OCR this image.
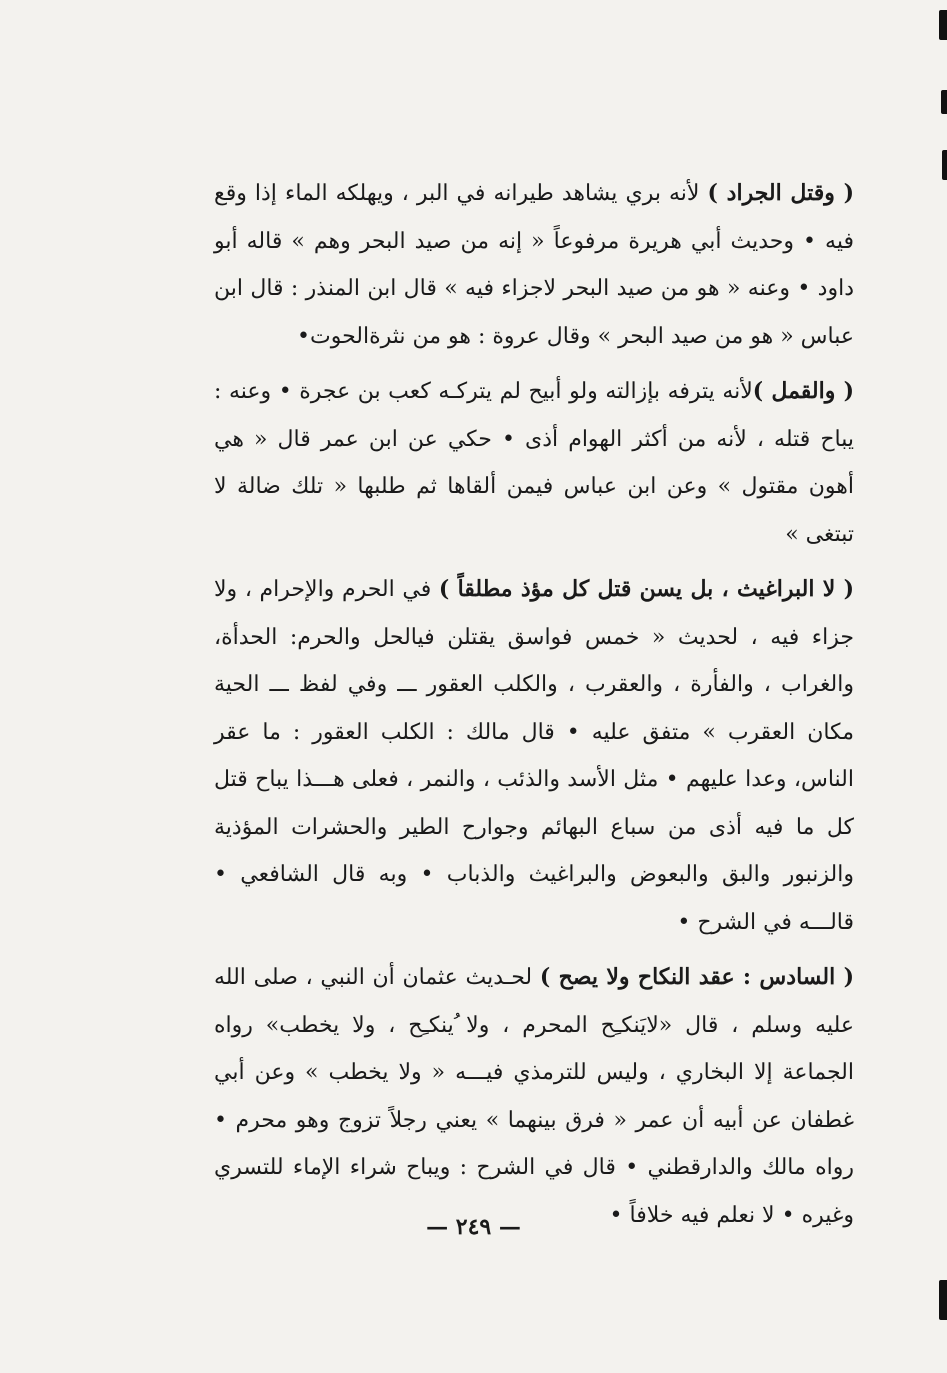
( وقتل الجراد ) لأنه بري يشاهد طيرانه في البر ، ويهلكه الماء إذا وقع فيه • وحديث أبي هريرة مرفوعاً « إنه من صيد البحر وهم » قاله أبو داود • وعنه « هو من صيد البحر لاجزاء فيه » قال ابن المنذر : قال ابن عباس « هو من صيد البحر » وقال عروة : هو من نثرةالحوت•

( والقمل )لأنه يترفه بإزالته ولو أبيح لم يتركـه كعب بن عجرة • وعنه : يباح قتله ، لأنه من أكثر الهوام أذى • حكي عن ابن عمر قال « هي أهون مقتول » وعن ابن عباس فيمن ألقاها ثم طلبها « تلك ضالة لا تبتغى »

( لا البراغيث ، بل يسن قتل كل مؤذ مطلقاً ) في الحرم والإحرام ، ولا جزاء فيه ، لحديث « خمس فواسق يقتلن فيالحل والحرم: الحدأة، والغراب ، والفأرة ، والعقرب ، والكلب العقور ـــ وفي لفظ ـــ الحية مكان العقرب » متفق عليه • قال مالك : الكلب العقور : ما عقر الناس، وعدا عليهم • مثل الأسد والذئب ، والنمر ، فعلى هـــذا يباح قتل كل ما فيه أذى من سباع البهائم وجوارح الطير والحشرات المؤذية والزنبور والبق والبعوض والبراغيث والذباب • وبه قال الشافعي • قالـــه في الشرح •

( السادس : عقد النكاح ولا يصح ) لحـديث عثمان أن النبي ، صلى الله عليه وسلم ، قال «لايَنكـِح المحرم ، ولا ُينكـِح ، ولا يخطب» رواه الجماعة إلا البخاري ، وليس للترمذي فيـــه « ولا يخطب » وعن أبي غطفان عن أبيه أن عمر « فرق بينهما » يعني رجلاً تزوج وهو محرم • رواه مالك والدارقطني • قال في الشرح : ويباح شراء الإماء للتسري وغيره • لا نعلم فيه خلافاً •

— ٢٤٩ —
